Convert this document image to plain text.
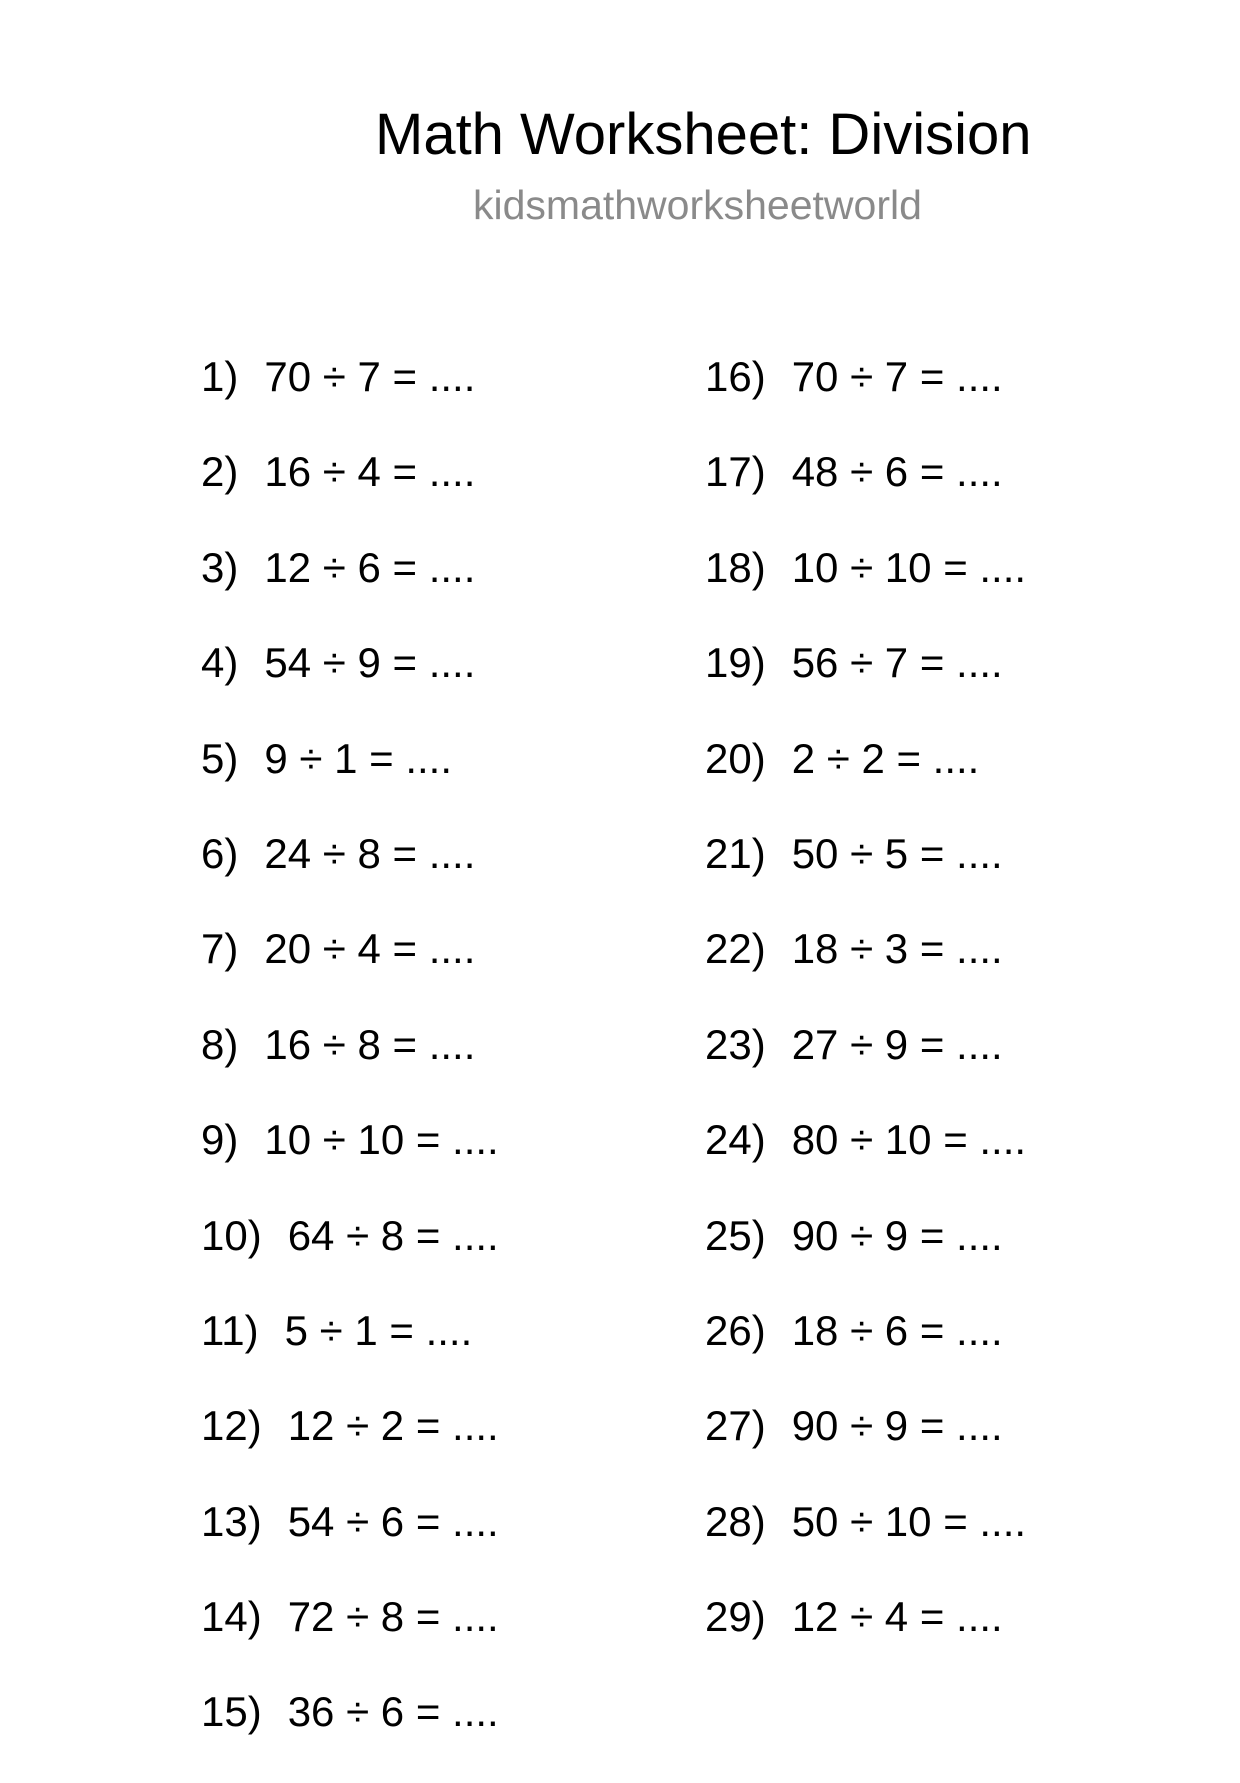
Math Worksheet: Division
kidsmathworksheetworld
1) 70 ÷ 7 = ....
2) 16 ÷ 4 = ....
3) 12 ÷ 6 = ....
4) 54 ÷ 9 = ....
5) 9 ÷ 1 = ....
6) 24 ÷ 8 = ....
7) 20 ÷ 4 = ....
8) 16 ÷ 8 = ....
9) 10 ÷ 10 = ....
10) 64 ÷ 8 = ....
11) 5 ÷ 1 = ....
12) 12 ÷ 2 = ....
13) 54 ÷ 6 = ....
14) 72 ÷ 8 = ....
15) 36 ÷ 6 = ....
16) 70 ÷ 7 = ....
17) 48 ÷ 6 = ....
18) 10 ÷ 10 = ....
19) 56 ÷ 7 = ....
20) 2 ÷ 2 = ....
21) 50 ÷ 5 = ....
22) 18 ÷ 3 = ....
23) 27 ÷ 9 = ....
24) 80 ÷ 10 = ....
25) 90 ÷ 9 = ....
26) 18 ÷ 6 = ....
27) 90 ÷ 9 = ....
28) 50 ÷ 10 = ....
29) 12 ÷ 4 = ....
